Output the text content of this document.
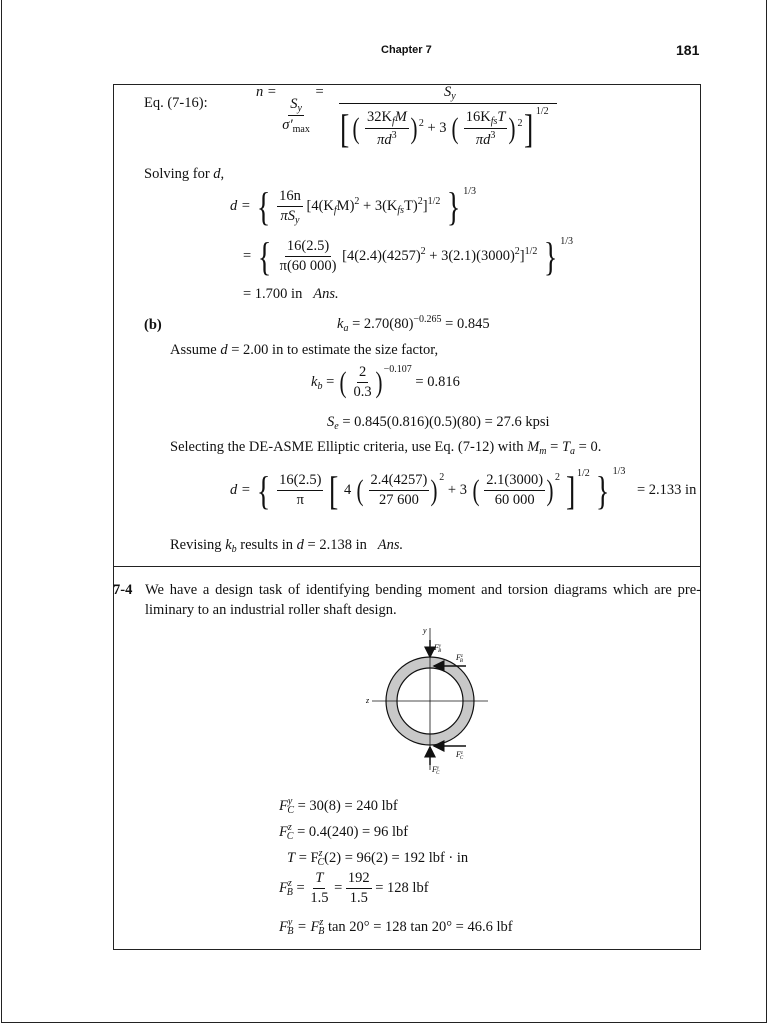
Chapter 7	181
Eq. (7-16):
n =
$\frac{S_y}{\sigma'_{max}}$
=	$S_y$
[ ( $\frac{32K_fM}{\pi d^3}$ ) $^2$ + 3 ( $\frac{16K_{fs}T}{\pi d^3}$ ) $^2$] $^{1/2}$
Solving for d,
d = { $\frac{16n}{\pi S_y} [4(K_fM)^2 + 3(K_{fs}T)^2]^{1/2}$ } $^{1/3}$
= { $\frac{16(2.5)}{\pi(60 000)} [4(2.4)(4257)^2 + 3(2.1)(3000)^2]^{1/2}$ } $^{1/3}$
= 1.700 in Ans.
(b)	$k_a = 2.70(80)^{-0.265} = 0.845$
Assume d = 2.00 in to estimate the size factor,
$k_b$ = ( $\frac{2}{0.3}$ ) $^{-0.107}$ = 0.816
$S_e = 0.845(0.816)(0.5)(80) = 27.6$ kpsi
Selecting the DE-ASME Elliptic criteria, use Eq. (7-12) with $M_m = T_a = 0$.
d = { $\frac{16(2.5)}{\pi}$ [ 4 ( $\frac{2.4(4257)}{27 600}$ ) $^2$ + 3 ( $\frac{2.1(3000)}{60 000}$ ) $^2$ ] $^{1/2}$ } $^{1/3}$ = 2.133 in
Revising $k_b$ results in d = 2.138 in Ans.
7-4 We have a design task of identifying bending moment and torsion diagrams which are pre-liminary to an industrial roller shaft design.
y
z
$F^y$ B
$F^z$ B
$F^z$ C
$F^y$ C
$F^y_C = 30(8) = 240$ lbf
$F^z_C = 0.4(240) = 96$ lbf
$T = F^z_C(2) = 96(2) = 192$ lbf · in
$F^z_B = \frac{T}{1.5} = \frac{192}{1.5} = 128$ lbf
$F^y_B = F^z_B$ tan 20° = 128 tan 20° = 46.6 lbf
